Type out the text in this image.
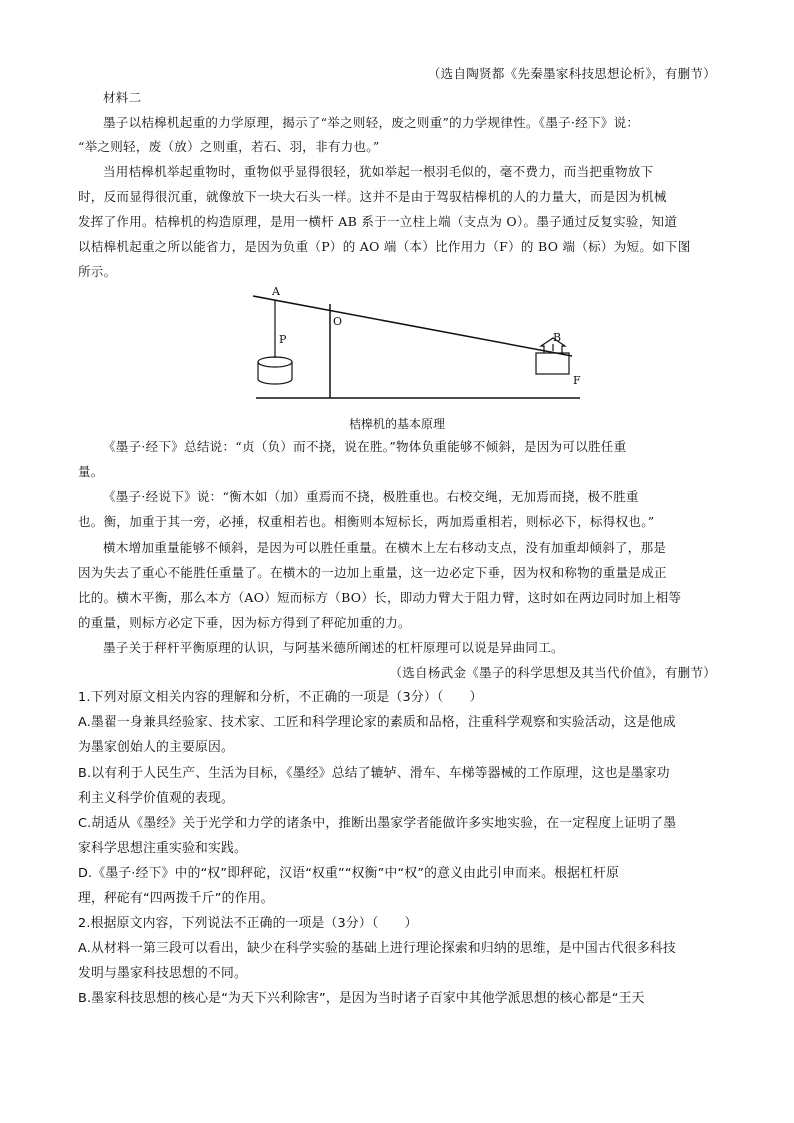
（选自陶贤都《先秦墨家科技思想论析》，有删节）
材料二
墨子以桔槔机起重的力学原理，揭示了“举之则轻，废之则重”的力学规律性。《墨子·经下》说：
“举之则轻，废（放）之则重，若石、羽，非有力也。”
当用桔槔机举起重物时，重物似乎显得很轻，犹如举起一根羽毛似的，毫不费力，而当把重物放下
时，反而显得很沉重，就像放下一块大石头一样。这并不是由于驾驭桔槔机的人的力量大，而是因为机械
发挥了作用。桔槔机的构造原理，是用一横杆 AB 系于一立柱上端（支点为 O）。墨子通过反复实验，知道
以桔槔机起重之所以能省力，是因为负重（P）的 AO 端（本）比作用力（F）的 BO 端（标）为短。如下图
所示。
A
O
P	B
F
桔槔机的基本原理
《墨子·经下》总结说：“贞（负）而不挠，说在胜。”物体负重能够不倾斜，是因为可以胜任重
量。
《墨子·经说下》说：“衡木如（加）重焉而不挠，极胜重也。右校交绳，无加焉而挠，极不胜重
也。衡，加重于其一旁，必捶，权重相若也。相衡则本短标长，两加焉重相若，则标必下，标得权也。”
横木增加重量能够不倾斜，是因为可以胜任重量。在横木上左右移动支点，没有加重却倾斜了，那是
因为失去了重心不能胜任重量了。在横木的一边加上重量，这一边必定下垂，因为权和称物的重量是成正
比的。横木平衡，那么本方（AO）短而标方（BO）长，即动力臂大于阻力臂，这时如在两边同时加上相等
的重量，则标方必定下垂，因为标方得到了秤砣加重的力。
墨子关于秤杆平衡原理的认识，与阿基米德所阐述的杠杆原理可以说是异曲同工。
（选自杨武金《墨子的科学思想及其当代价值》，有删节）
1.下列对原文相关内容的理解和分析，不正确的一项是（3分）（　　）
A.墨翟一身兼具经验家、技术家、工匠和科学理论家的素质和品格，注重科学观察和实验活动，这是他成
为墨家创始人的主要原因。
B.以有利于人民生产、生活为目标，《墨经》总结了辘轳、滑车、车梯等器械的工作原理，这也是墨家功
利主义科学价值观的表现。
C.胡适从《墨经》关于光学和力学的诸条中，推断出墨家学者能做许多实地实验，在一定程度上证明了墨
家科学思想注重实验和实践。
D.《墨子·经下》中的“权”即秤砣，汉语“权重”“权衡”中“权”的意义由此引申而来。根据杠杆原
理，秤砣有“四两拨千斤”的作用。
2.根据原文内容，下列说法不正确的一项是（3分）（　　）
A.从材料一第三段可以看出，缺少在科学实验的基础上进行理论探索和归纳的思维，是中国古代很多科技
发明与墨家科技思想的不同。
B.墨家科技思想的核心是“为天下兴利除害”，是因为当时诸子百家中其他学派思想的核心都是“王天
